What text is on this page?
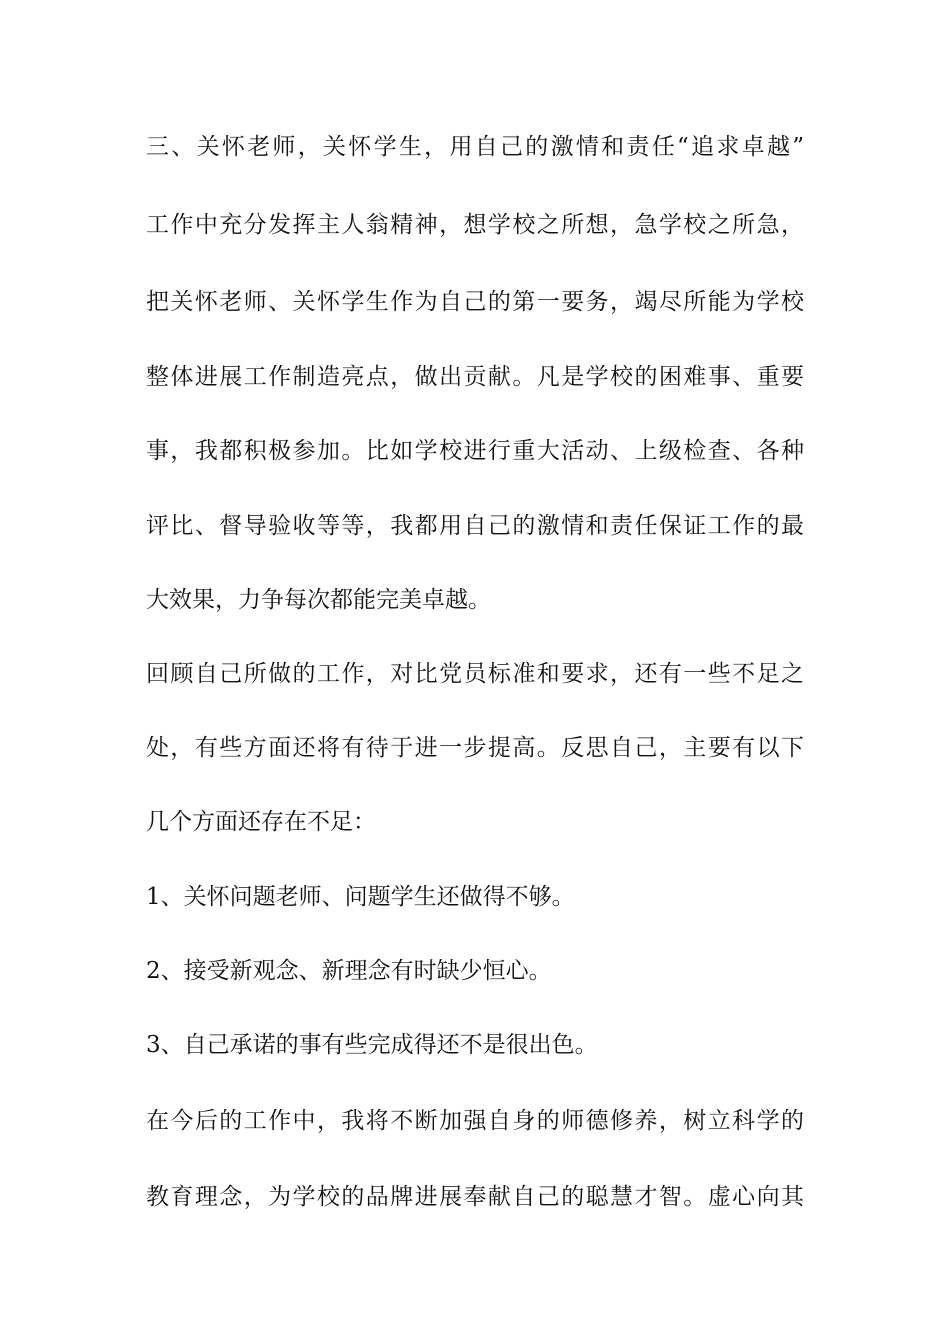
三、关怀老师，关怀学生，用自己的激情和责任“追求卓越”
工作中充分发挥主人翁精神，想学校之所想，急学校之所急，
把关怀老师、关怀学生作为自己的第一要务，竭尽所能为学校
整体进展工作制造亮点，做出贡献。凡是学校的困难事、重要
事，我都积极参加。比如学校进行重大活动、上级检查、各种
评比、督导验收等等，我都用自己的激情和责任保证工作的最
大效果，力争每次都能完美卓越。
回顾自己所做的工作，对比党员标准和要求，还有一些不足之
处，有些方面还将有待于进一步提高。反思自己，主要有以下
几个方面还存在不足：
1、关怀问题老师、问题学生还做得不够。
2、接受新观念、新理念有时缺少恒心。
3、自己承诺的事有些完成得还不是很出色。
在今后的工作中，我将不断加强自身的师德修养，树立科学的
教育理念，为学校的品牌进展奉献自己的聪慧才智。虚心向其
